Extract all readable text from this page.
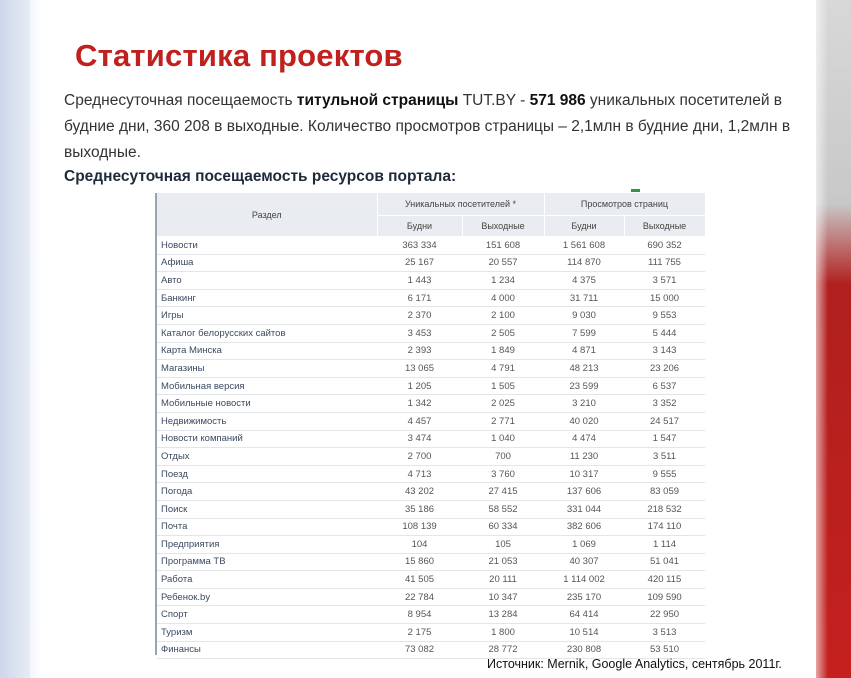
Статистика проектов
Среднесуточная посещаемость титульной страницы TUT.BY - 571 986 уникальных посетителей в будние дни, 360 208 в выходные. Количество просмотров страницы – 2,1млн в будние дни, 1,2млн в выходные.
Среднесуточная посещаемость ресурсов портала:
Раздел	Уникальных посетителей *		Просмотров страниц	
	Будни	Выходные	Будни	Выходные
Новости	363 334	151 608	1 561 608	690 352
Афиша	25 167	20 557	114 870	111 755
Авто	1 443	1 234	4 375	3 571
Банкинг	6 171	4 000	31 711	15 000
Игры	2 370	2 100	9 030	9 553
Каталог белорусских сайтов	3 453	2 505	7 599	5 444
Карта Минска	2 393	1 849	4 871	3 143
Магазины	13 065	4 791	48 213	23 206
Мобильная версия	1 205	1 505	23 599	6 537
Мобильные новости	1 342	2 025	3 210	3 352
Недвижимость	4 457	2 771	40 020	24 517
Новости компаний	3 474	1 040	4 474	1 547
Отдых	2 700	700	11 230	3 511
Поезд	4 713	3 760	10 317	9 555
Погода	43 202	27 415	137 606	83 059
Поиск	35 186	58 552	331 044	218 532
Почта	108 139	60 334	382 606	174 110
Предприятия	104	105	1 069	1 114
Программа ТВ	15 860	21 053	40 307	51 041
Работа	41 505	20 111	1 114 002	420 115
Ребенок.by	22 784	10 347	235 170	109 590
Спорт	8 954	13 284	64 414	22 950
Туризм	2 175	1 800	10 514	3 513
Финансы	73 082	28 772	230 808	53 510
Источник: Mernik, Google Analytics, сентябрь 2011г.
